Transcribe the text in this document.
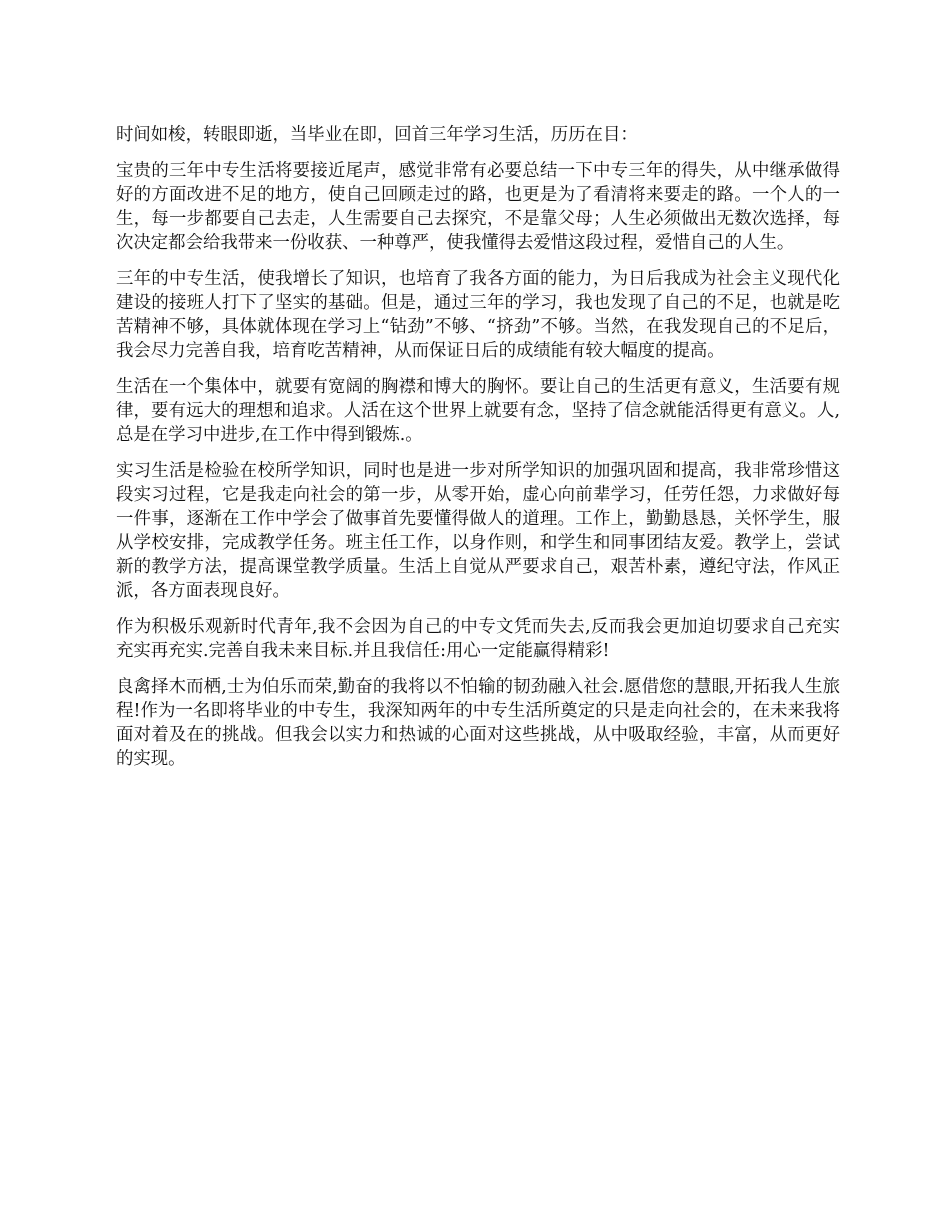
时间如梭，转眼即逝，当毕业在即，回首三年学习生活，历历在目：

宝贵的三年中专生活将要接近尾声，感觉非常有必要总结一下中专三年的得失，从中继承做得好的方面改进不足的地方，使自己回顾走过的路，也更是为了看清将来要走的路。一个人的一生，每一步都要自己去走，人生需要自己去探究，不是靠父母；人生必须做出无数次选择，每次决定都会给我带来一份收获、一种尊严，使我懂得去爱惜这段过程，爱惜自己的人生。

三年的中专生活，使我增长了知识，也培育了我各方面的能力，为日后我成为社会主义现代化建设的接班人打下了坚实的基础。但是，通过三年的学习，我也发现了自己的不足，也就是吃苦精神不够，具体就体现在学习上“钻劲”不够、“挤劲”不够。当然，在我发现自己的不足后，我会尽力完善自我，培育吃苦精神，从而保证日后的成绩能有较大幅度的提高。

生活在一个集体中，就要有宽阔的胸襟和博大的胸怀。要让自己的生活更有意义，生活要有规律，要有远大的理想和追求。人活在这个世界上就要有念，坚持了信念就能活得更有意义。人,总是在学习中进步,在工作中得到锻炼.。

实习生活是检验在校所学知识，同时也是进一步对所学知识的加强巩固和提高，我非常珍惜这段实习过程，它是我走向社会的第一步，从零开始，虚心向前辈学习，任劳任怨，力求做好每一件事，逐渐在工作中学会了做事首先要懂得做人的道理。工作上，勤勤恳恳，关怀学生，服从学校安排，完成教学任务。班主任工作，以身作则，和学生和同事团结友爱。教学上，尝试新的教学方法，提高课堂教学质量。生活上自觉从严要求自己，艰苦朴素，遵纪守法，作风正派，各方面表现良好。

作为积极乐观新时代青年,我不会因为自己的中专文凭而失去,反而我会更加迫切要求自己充实充实再充实.完善自我未来目标.并且我信任:用心一定能赢得精彩!

良禽择木而栖,士为伯乐而荣,勤奋的我将以不怕输的韧劲融入社会.愿借您的慧眼,开拓我人生旅程!作为一名即将毕业的中专生，我深知两年的中专生活所奠定的只是走向社会的，在未来我将面对着及在的挑战。但我会以实力和热诚的心面对这些挑战，从中吸取经验，丰富，从而更好的实现。
